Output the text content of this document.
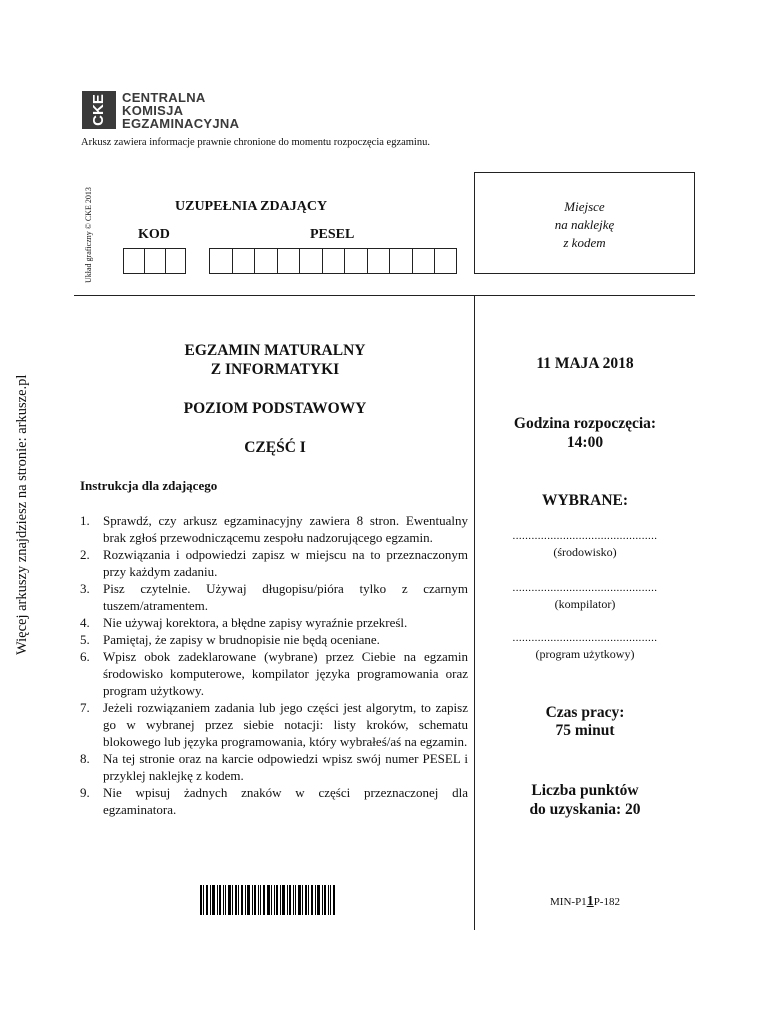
CKE	CENTRALNA
KOMISJA
EGZAMINACYJNA
Arkusz zawiera informacje prawnie chronione do momentu rozpoczęcia egzaminu.
Układ graficzny © CKE 2013
Więcej arkuszy znajdziesz na stronie: arkusze.pl
UZUPEŁNIA ZDAJĄCY
KOD	PESEL
Miejsce
na naklejkę
z kodem
EGZAMIN MATURALNY
Z INFORMATYKI
POZIOM PODSTAWOWY
CZĘŚĆ I
Instrukcja dla zdającego
1.	Sprawdź, czy arkusz egzaminacyjny zawiera 8 stron. Ewentualny brak zgłoś przewodniczącemu zespołu nadzorującego egzamin.
2.	Rozwiązania i odpowiedzi zapisz w miejscu na to przeznaczonym przy każdym zadaniu.
3.	Pisz czytelnie. Używaj długopisu/pióra tylko z czarnym tuszem/atramentem.
4.	Nie używaj korektora, a błędne zapisy wyraźnie przekreśl.
5.	Pamiętaj, że zapisy w brudnopisie nie będą oceniane.
6.	Wpisz obok zadeklarowane (wybrane) przez Ciebie na egzamin środowisko komputerowe, kompilator języka programowania oraz program użytkowy.
7.	Jeżeli rozwiązaniem zadania lub jego części jest algorytm, to zapisz go w wybranej przez siebie notacji: listy kroków, schematu blokowego lub języka programowania, który wybrałeś/aś na egzamin.
8.	Na tej stronie oraz na karcie odpowiedzi wpisz swój numer PESEL i przyklej naklejkę z kodem.
9.	Nie wpisuj żadnych znaków w części przeznaczonej dla egzaminatora.
11 MAJA 2018
Godzina rozpoczęcia:
14:00
WYBRANE:
..............................................
(środowisko)
..............................................
(kompilator)
..............................................
(program użytkowy)
Czas pracy:
75 minut
Liczba punktów
do uzyskania: 20
MIN-P11P-182
